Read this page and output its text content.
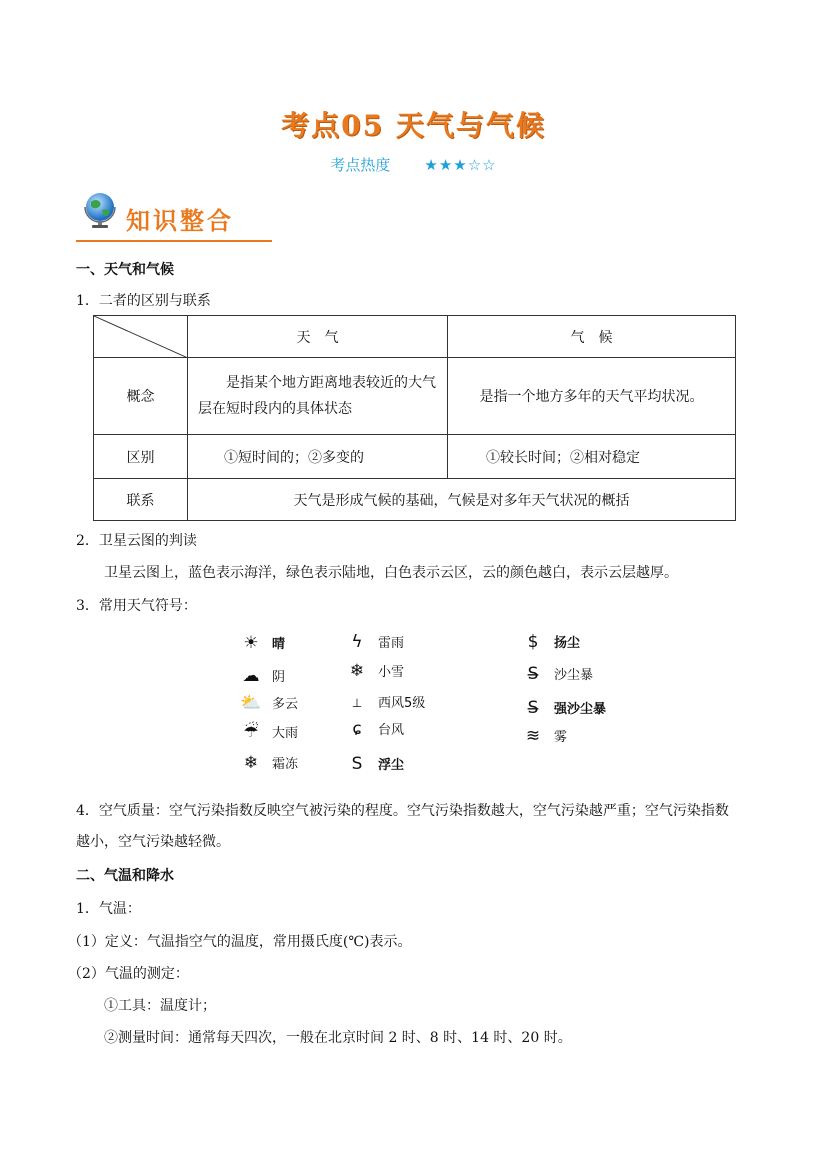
考点05 天气与气候
考点热度 ★★★☆☆
知识整合
一、天气和气候
1．二者的区别与联系
	天　气	气　候
概念	是指某个地方距离地表较近的大气层在短时段内的具体状态	是指一个地方多年的天气平均状况。
区别	①短时间的；②多变的	①较长时间；②相对稳定
联系	天气是形成气候的基础，气候是对多年天气状况的概括	
2．卫星云图的判读
卫星云图上，蓝色表示海洋，绿色表示陆地，白色表示云区，云的颜色越白，表示云层越厚。
3．常用天气符号：
☀ 晴
☁ 阴
⛅ 多云
☔ 大雨
❄ 霜冻
ϟ 雷雨
❄ 小雪
⊥ 西风5级
ɕ 台风
S 浮尘
$ 扬尘
S̶ 沙尘暴
S̶ 强沙尘暴
≋ 雾
4．空气质量：空气污染指数反映空气被污染的程度。空气污染指数越大，空气污染越严重；空气污染指数
越小，空气污染越轻微。
二、气温和降水
1．气温：
（1）定义：气温指空气的温度，常用摄氏度(℃)表示。
（2）气温的测定：
①工具：温度计；
②测量时间：通常每天四次，一般在北京时间 2 时、8 时、14 时、20 时。
